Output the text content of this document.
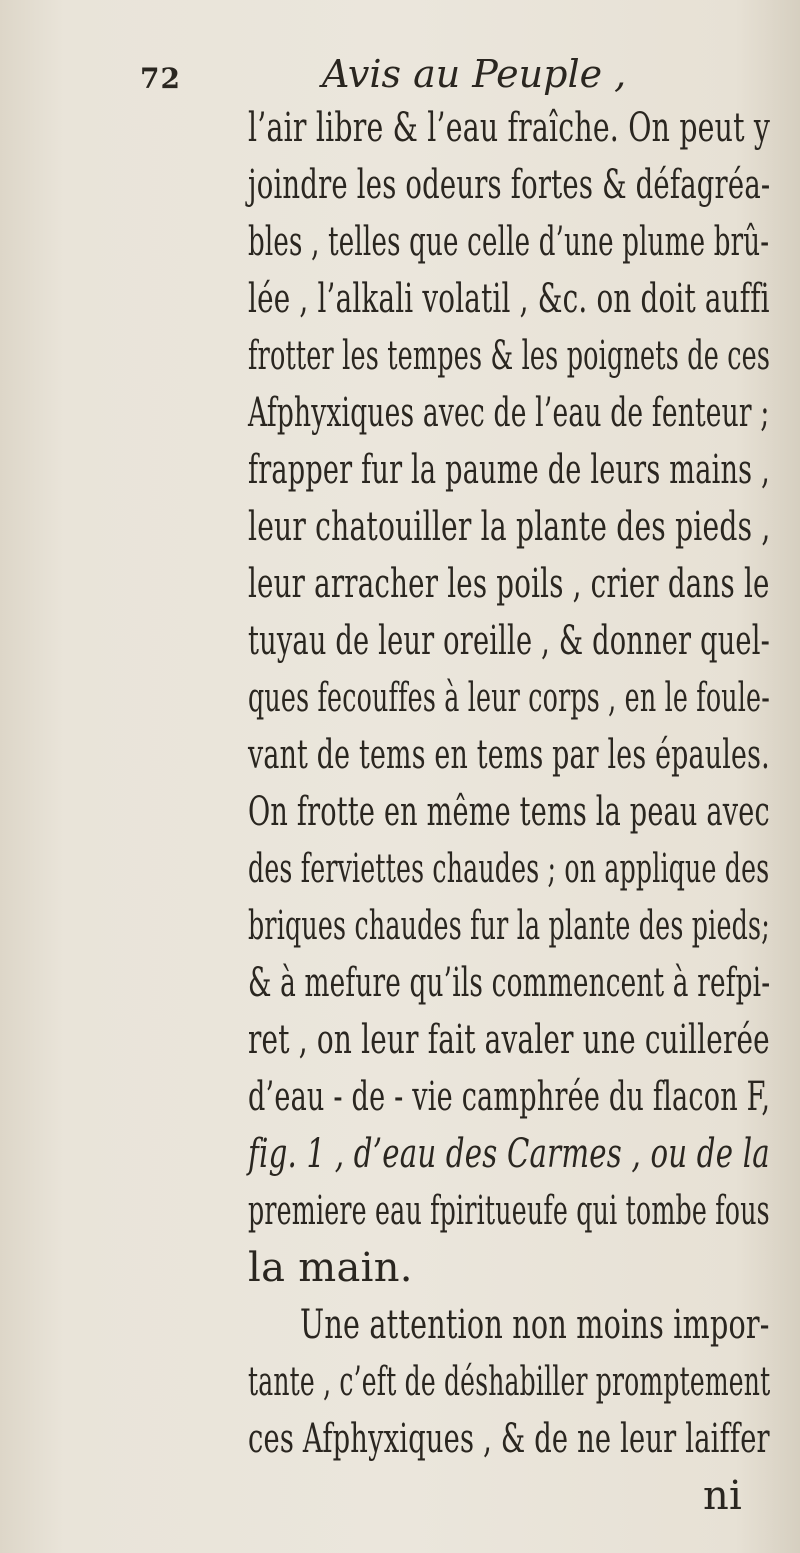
72	Avis au Peuple ,
l’air libre & l’eau fraîche. On peut y
joindre les odeurs fortes & défagréa-
bles , telles que celle d’une plume brû-
lée , l’alkali volatil , &c. on doit auffi
frotter les tempes & les poignets de ces
Afphyxiques avec de l’eau de fenteur ;
frapper fur la paume de leurs mains ,
leur chatouiller la plante des pieds ,
leur arracher les poils , crier dans le
tuyau de leur oreille , & donner quel-
ques fecouffes à leur corps , en le foule-
vant de tems en tems par les épaules.
On frotte en même tems la peau avec
des ferviettes chaudes ; on applique des
briques chaudes fur la plante des pieds;
& à mefure qu’ils commencent à refpi-
ret , on leur fait avaler une cuillerée
d’eau - de - vie camphrée du flacon F,
fig. 1 , d’eau des Carmes , ou de la
premiere eau fpiritueufe qui tombe fous
la main.
Une attention non moins impor-
tante , c’eft de déshabiller promptement
ces Afphyxiques , & de ne leur laiffer
ni
